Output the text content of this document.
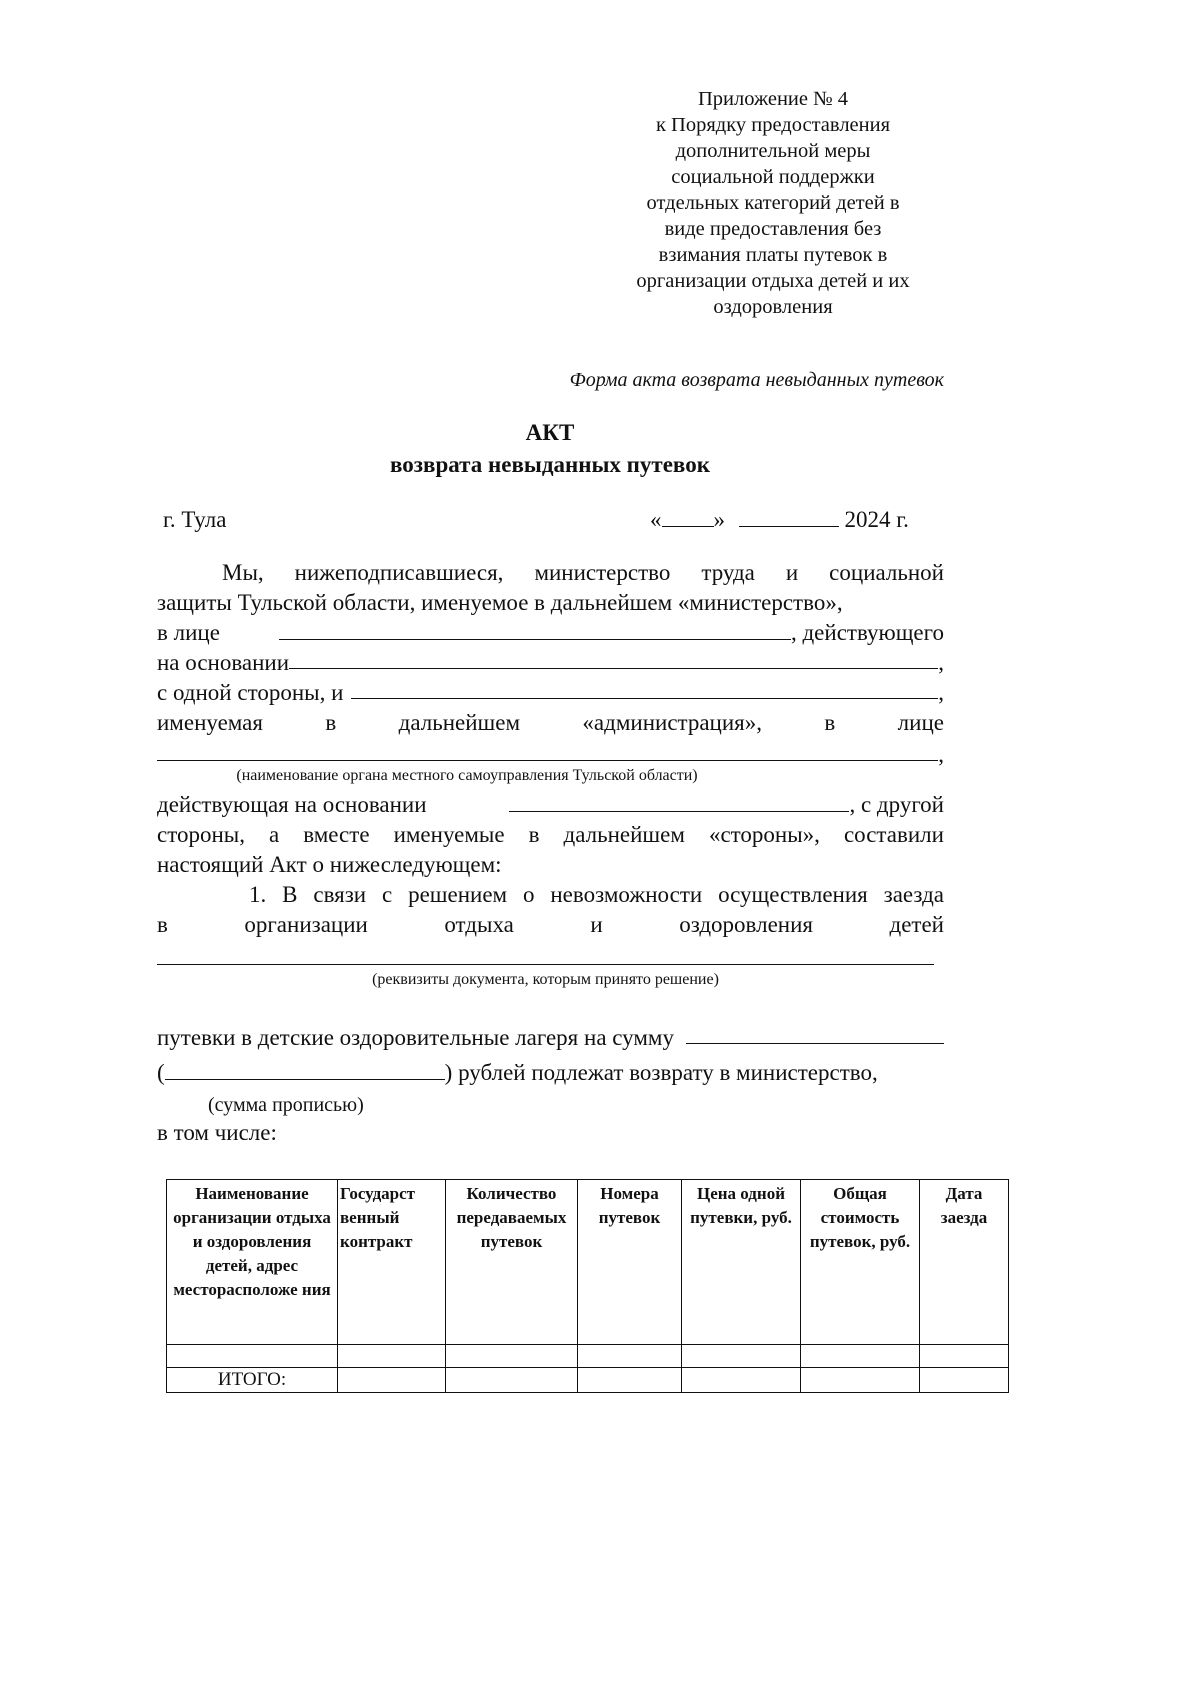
Приложение № 4
к Порядку предоставления
дополнительной меры
социальной поддержки
отдельных категорий детей в
виде предоставления без
взимания платы путевок в
организации отдыха детей и их
оздоровления
Форма акта возврата невыданных путевок
АКТ
возврата невыданных путевок
г. Тула	« »	2024 г.
Мы, нижеподписавшиеся, министерство труда и социальной
защиты Тульской области, именуемое в дальнейшем «министерство»,
в лице	, действующего
на основании	,
с одной стороны, и	,
именуемая	в	дальнейшем	«администрация»,	в	лице
,
(наименование органа местного самоуправления Тульской области)
действующая на основании	, с другой
стороны, а вместе именуемые в дальнейшем «стороны», составили
настоящий Акт о нижеследующем:
1. В связи с решением о невозможности осуществления заезда
в	организации	отдыха	и	оздоровления	детей
(реквизиты документа, которым принято решение)
путевки в детские оздоровительные лагеря на сумму
(	) рублей подлежат возврату в министерство,
(сумма прописью)
в том числе:
Наименование организации отдыха и оздоровления детей, адрес месторасположе ния	Государст венный контракт	Количество передаваемых путевок	Номера путевок	Цена одной путевки, руб.	Общая стоимость путевок, руб.	Дата заезда

ИТОГО:						
